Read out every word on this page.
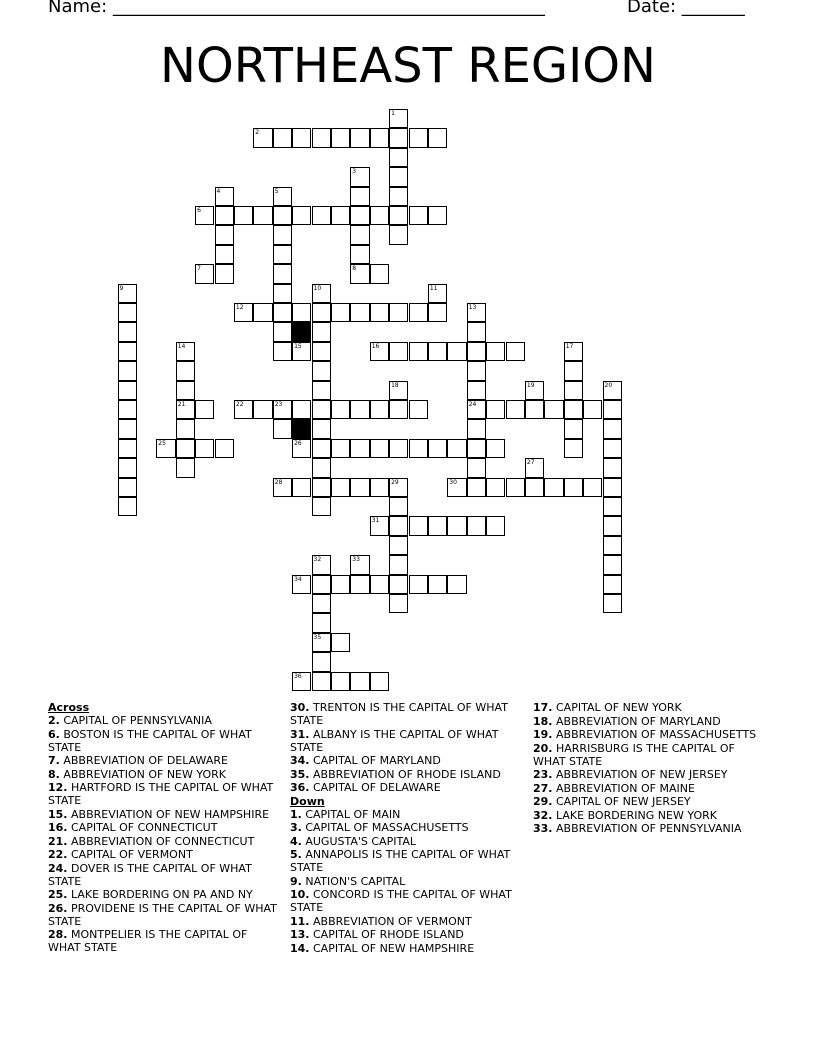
Name: ________________________________________________	Date: _______
NORTHEAST REGION
1
2
3
8
4	5
6
7
9	10	11
12	13
24
14
21
15	16	17
18	19	20
22	23
25	26
27
28	29	30
31
32
35
33
34
36
Across
2. CAPITAL OF PENNSYLVANIA
6. BOSTON IS THE CAPITAL OF WHAT STATE
7. ABBREVIATION OF DELAWARE
8. ABBREVIATION OF NEW YORK
12. HARTFORD IS THE CAPITAL OF WHAT STATE
15. ABBREVIATION OF NEW HAMPSHIRE
16. CAPITAL OF CONNECTICUT
21. ABBREVIATION OF CONNECTICUT
22. CAPITAL OF VERMONT
24. DOVER IS THE CAPITAL OF WHAT STATE
25. LAKE BORDERING ON PA AND NY
26. PROVIDENE IS THE CAPITAL OF WHAT STATE
28. MONTPELIER IS THE CAPITAL OF WHAT STATE
30. TRENTON IS THE CAPITAL OF WHAT STATE
31. ALBANY IS THE CAPITAL OF WHAT STATE
34. CAPITAL OF MARYLAND
35. ABBREVIATION OF RHODE ISLAND
36. CAPITAL OF DELAWARE
Down
1. CAPITAL OF MAIN
3. CAPITAL OF MASSACHUSETTS
4. AUGUSTA'S CAPITAL
5. ANNAPOLIS IS THE CAPITAL OF WHAT STATE
9. NATION'S CAPITAL
10. CONCORD IS THE CAPITAL OF WHAT STATE
11. ABBREVIATION OF VERMONT
13. CAPITAL OF RHODE ISLAND
14. CAPITAL OF NEW HAMPSHIRE
17. CAPITAL OF NEW YORK
18. ABBREVIATION OF MARYLAND
19. ABBREVIATION OF MASSACHUSETTS
20. HARRISBURG IS THE CAPITAL OF WHAT STATE
23. ABBREVIATION OF NEW JERSEY
27. ABBREVIATION OF MAINE
29. CAPITAL OF NEW JERSEY
32. LAKE BORDERING NEW YORK
33. ABBREVIATION OF PENNSYLVANIA
